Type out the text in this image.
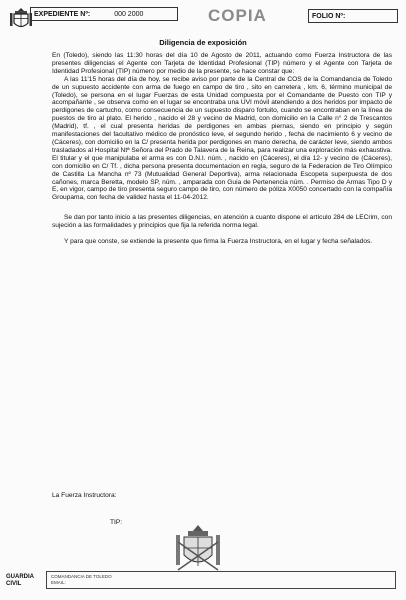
EXPEDIENTE Nº:	000 2000	COPIA	FOLIO Nº:
Diligencia de exposición

En (Toledo), siendo las 11:30 horas del día 10 de Agosto de 2011, actuando como Fuerza Instructora de las presentes diligencias el Agente con Tarjeta de Identidad Profesional (TIP) número y el Agente con Tarjeta de Identidad Profesional (TIP) número por medio de la presente, se hace constar que:

A las 11'15 horas del día de hoy, se recibe aviso por parte de la Central de COS de la Comandancia de Toledo de un supuesto accidente con arma de fuego en campo de tiro , sito en carretera , km. 6, término municipal de (Toledo), se persona en el lugar Fuerzas de esta Unidad compuesta por el Comandante de Puesto con TIP y acompañante , se observa como en el lugar se encontraba una UVI móvil atendiendo a dos heridos por impacto de perdigones de cartucho, como consecuencia de un supuesto disparo fortuito, cuando se encontraban en la línea de puestos de tiro al plato. El herido , nacido el 28 y vecino de Madrid, con domicilio en la Calle n° 2 de Trescantos (Madrid), tf. , el cual presenta heridas de perdigones en ambas piernas, siendo en principio y según manifestaciones del facultativo médico de pronóstico leve, el segundo herido , fecha de nacimiento 6 y vecino de (Cáceres), con domicilio en la C/ presenta herida por perdigones en mano derecha, de carácter leve, siendo ambos trasladados al Hospital Ntª Señora del Prado de Talavera de la Reina, para realizar una exploración más exhaustiva. El titular y el que manipulaba el arma es con D.N.I. núm. , nacido en (Cáceres), el día 12- y vecino de (Cáceres), con domicilio en C/ Tf. , dicha persona presenta documentacion en regla, seguro de la Federacion de Tiro Olímpico de Castilla La Mancha nº 73 (Mutualidad General Deportiva), arma relacionada Escopeta superpuesta de dos cañones, marca Beretta, modelo SP, núm. , amparada con Guia de Pertenencia núm. . Permiso de Armas Tipo D y E, en vigor, campo de tiro presenta seguro campo de tiro, con número de póliza X0050 concertado con la compañía Groupama, con fecha de validez hasta el 11-04-2012.

Se dan por tanto inicio a las presentes diligencias, en atención a cuanto dispone el artículo 284 de LECrim, con sujeción a las formalidades y principios que fija la referida norma legal.

Y para que conste, se extiende la presente que firma la Fuerza Instructora, en el lugar y fecha señalados.

La Fuerza Instructora:
TIP:
GUARDIA
CIVIL
COMANDANCIA DE TOLEDO
EMAIL:
